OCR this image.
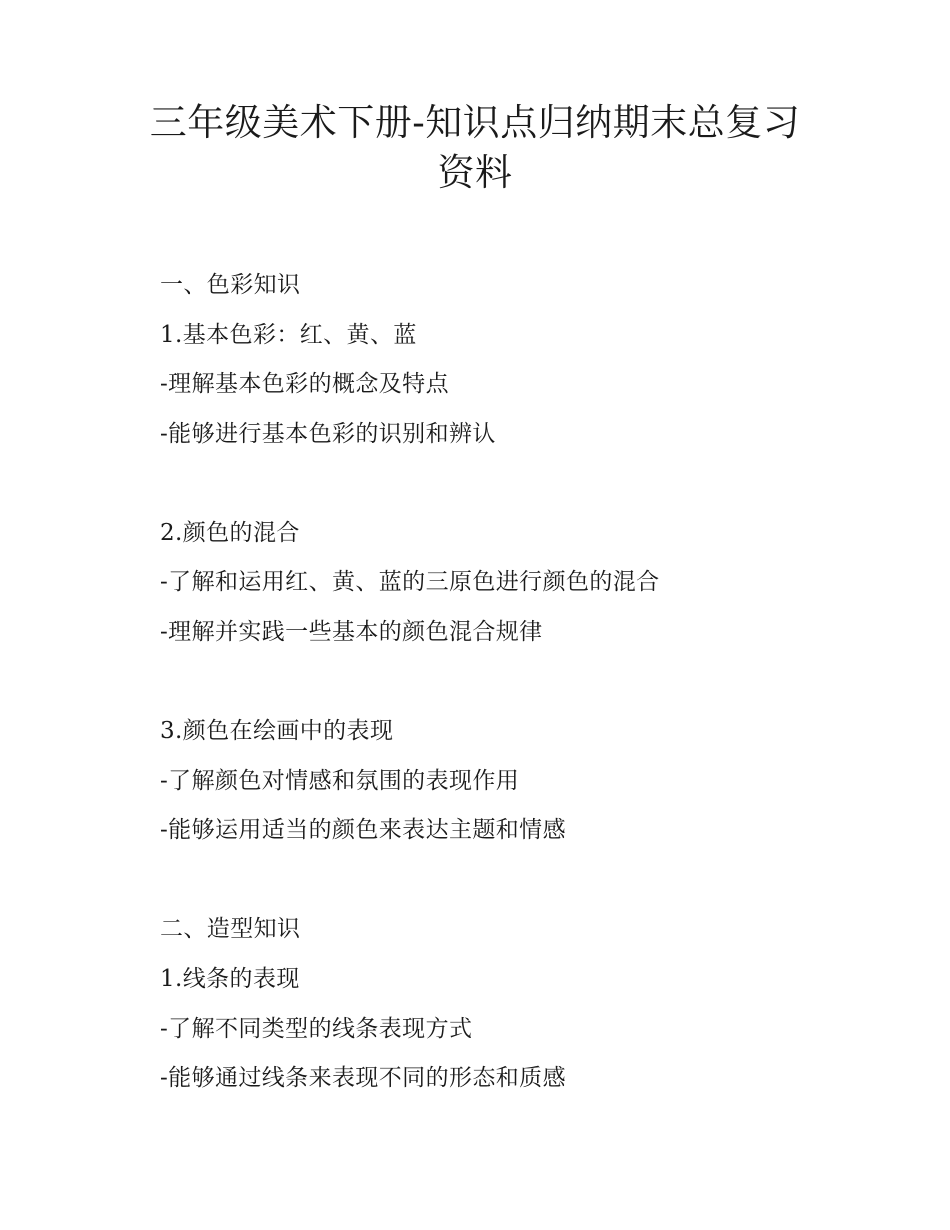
三年级美术下册-知识点归纳期末总复习
资料
一、色彩知识
1.基本色彩：红、黄、蓝
-理解基本色彩的概念及特点
-能够进行基本色彩的识别和辨认
2.颜色的混合
-了解和运用红、黄、蓝的三原色进行颜色的混合
-理解并实践一些基本的颜色混合规律
3.颜色在绘画中的表现
-了解颜色对情感和氛围的表现作用
-能够运用适当的颜色来表达主题和情感
二、造型知识
1.线条的表现
-了解不同类型的线条表现方式
-能够通过线条来表现不同的形态和质感
